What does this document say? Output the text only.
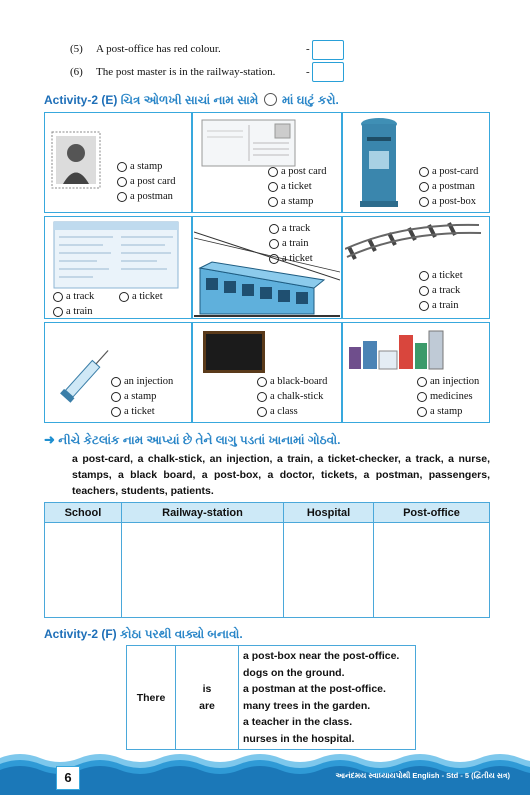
(5)	A post-office has red colour.	-
(6)	The post master is in the railway-station.	-
Activity-2 (E) ચિત્ર ઓળખી સાચાં નામ સામે માં ઘાટું કરો.
a stamp
a post card
a postman
a post card
a ticket
a stamp
a post-card
a postman
a post-box
a track
a train
a ticket
a track
a train
a ticket
a ticket
a track
a train
an injection
a stamp
a ticket
a black-board
a chalk-stick
a class
an injection
medicines
a stamp
➜ નીચે કેટલાંક નામ આપ્યાં છે તેને લાગુ પડતાં ખાનામાં ગોઠવો.
a post-card, a chalk-stick, an injection, a train, a ticket-checker, a track, a nurse, stamps, a black board, a post-box, a doctor, tickets, a postman, passengers, teachers, students, patients.
School	Railway-station	Hospital	Post-office

Activity-2 (F) કોઠા પરથી વાક્યો બનાવો.
There	
is
are

a post-box near the post-office.
dogs on the ground.
a postman at the post-office.
many trees in the garden.
a teacher in the class.
nurses in the hospital.
6	આનંદમય સ્વાધ્યાયપોથી English - Std - 5 (દ્વિતીય સત્ર)
